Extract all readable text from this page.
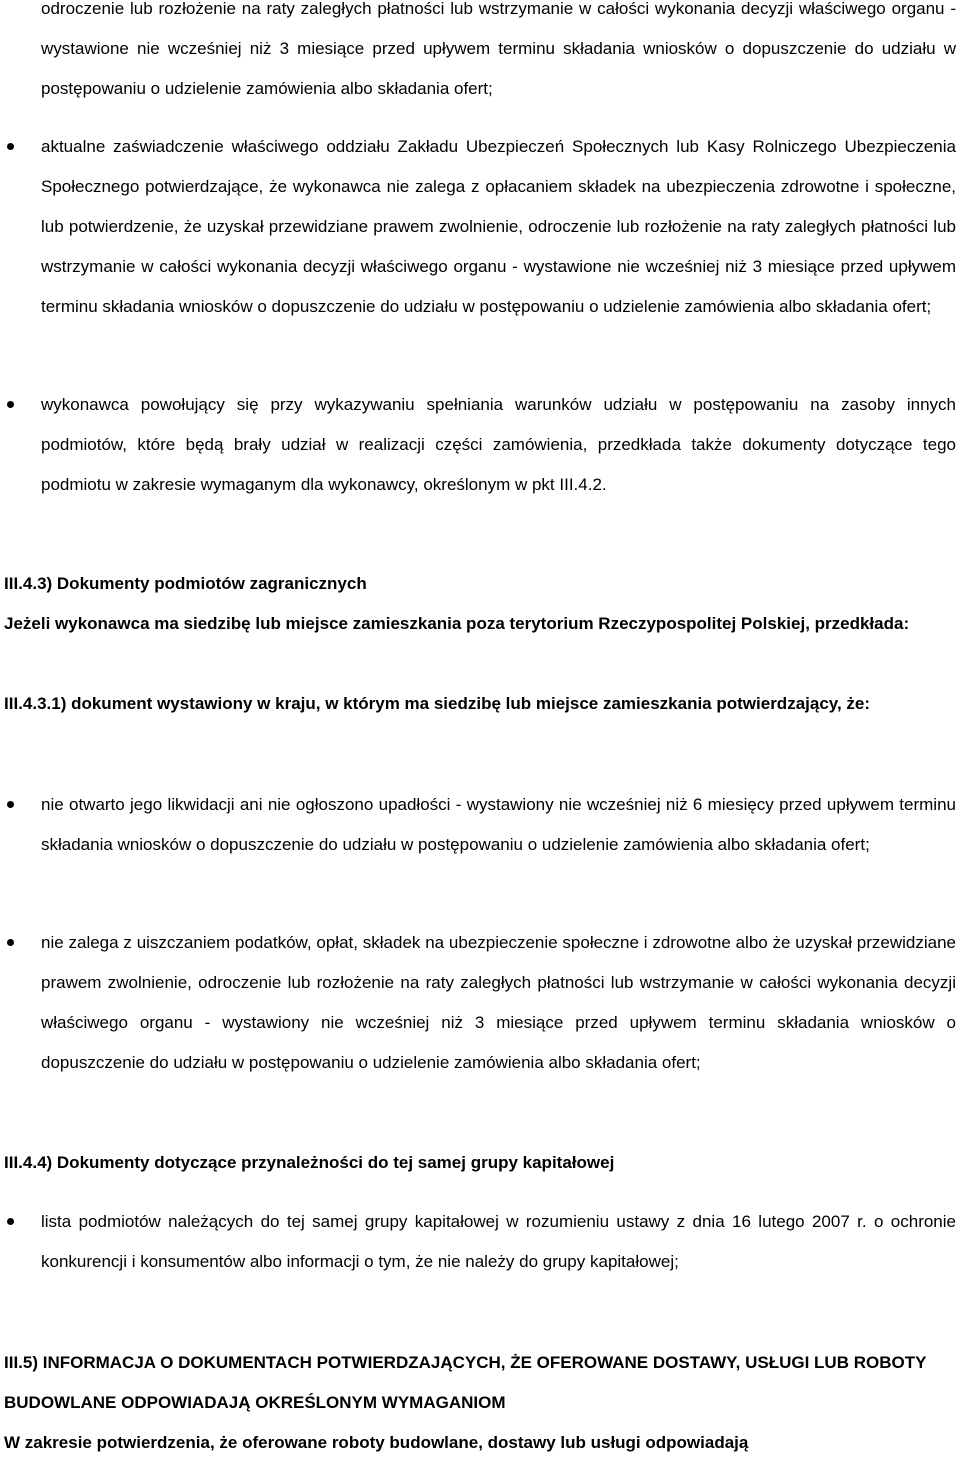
odroczenie lub rozłożenie na raty zaległych płatności lub wstrzymanie w całości wykonania decyzji właściwego organu - wystawione nie wcześniej niż 3 miesiące przed upływem terminu składania wniosków o dopuszczenie do udziału w postępowaniu o udzielenie zamówienia albo składania ofert;

aktualne zaświadczenie właściwego oddziału Zakładu Ubezpieczeń Społecznych lub Kasy Rolniczego Ubezpieczenia Społecznego potwierdzające, że wykonawca nie zalega z opłacaniem składek na ubezpieczenia zdrowotne i społeczne, lub potwierdzenie, że uzyskał przewidziane prawem zwolnienie, odroczenie lub rozłożenie na raty zaległych płatności lub wstrzymanie w całości wykonania decyzji właściwego organu - wystawione nie wcześniej niż 3 miesiące przed upływem terminu składania wniosków o dopuszczenie do udziału w postępowaniu o udzielenie zamówienia albo składania ofert;

wykonawca powołujący się przy wykazywaniu spełniania warunków udziału w postępowaniu na zasoby innych podmiotów, które będą brały udział w realizacji części zamówienia, przedkłada także dokumenty dotyczące tego podmiotu w zakresie wymaganym dla wykonawcy, określonym w pkt III.4.2.

III.4.3) Dokumenty podmiotów zagranicznych

Jeżeli wykonawca ma siedzibę lub miejsce zamieszkania poza terytorium Rzeczypospolitej Polskiej, przedkłada:

III.4.3.1) dokument wystawiony w kraju, w którym ma siedzibę lub miejsce zamieszkania potwierdzający, że:

nie otwarto jego likwidacji ani nie ogłoszono upadłości - wystawiony nie wcześniej niż 6 miesięcy przed upływem terminu składania wniosków o dopuszczenie do udziału w postępowaniu o udzielenie zamówienia albo składania ofert;

nie zalega z uiszczaniem podatków, opłat, składek na ubezpieczenie społeczne i zdrowotne albo że uzyskał przewidziane prawem zwolnienie, odroczenie lub rozłożenie na raty zaległych płatności lub wstrzymanie w całości wykonania decyzji właściwego organu - wystawiony nie wcześniej niż 3 miesiące przed upływem terminu składania wniosków o dopuszczenie do udziału w postępowaniu o udzielenie zamówienia albo składania ofert;

III.4.4) Dokumenty dotyczące przynależności do tej samej grupy kapitałowej

lista podmiotów należących do tej samej grupy kapitałowej w rozumieniu ustawy z dnia 16 lutego 2007 r. o ochronie konkurencji i konsumentów albo informacji o tym, że nie należy do grupy kapitałowej;

III.5) INFORMACJA O DOKUMENTACH POTWIERDZAJĄCYCH, ŻE OFEROWANE DOSTAWY, USŁUGI LUB ROBOTY BUDOWLANE ODPOWIADAJĄ OKREŚLONYM WYMAGANIOM

W zakresie potwierdzenia, że oferowane roboty budowlane, dostawy lub usługi odpowiadają
